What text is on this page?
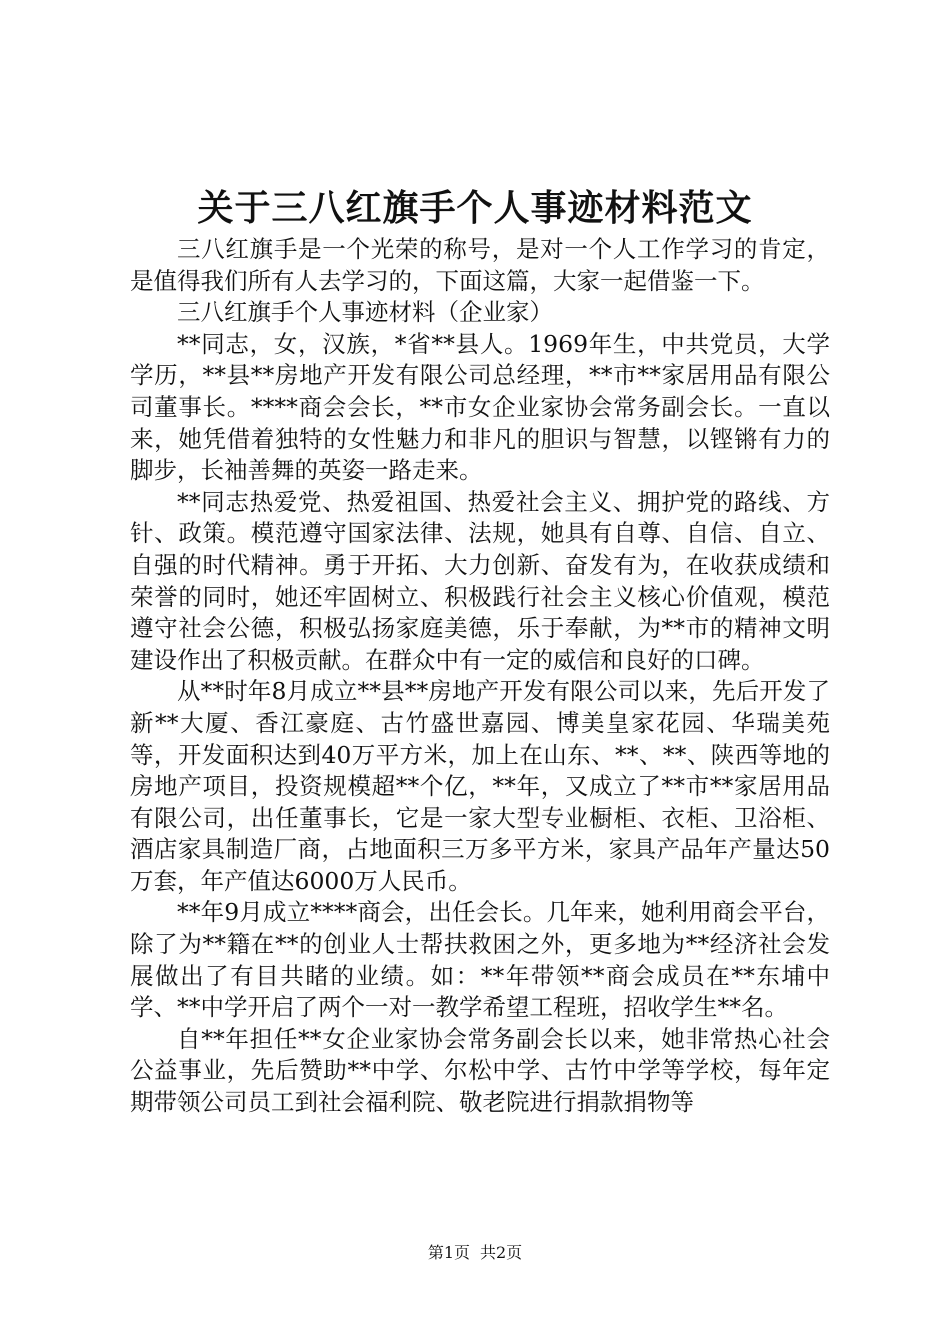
关于三八红旗手个人事迹材料范文

三八红旗手是一个光荣的称号，是对一个人工作学习的肯定，是值得我们所有人去学习的，下面这篇，大家一起借鉴一下。

三八红旗手个人事迹材料（企业家）

**同志，女，汉族，*省**县人。1969年生，中共党员，大学学历，**县**房地产开发有限公司总经理，**市**家居用品有限公司董事长。****商会会长，**市女企业家协会常务副会长。一直以来，她凭借着独特的女性魅力和非凡的胆识与智慧，以铿锵有力的脚步，长袖善舞的英姿一路走来。

**同志热爱党、热爱祖国、热爱社会主义、拥护党的路线、方针、政策。模范遵守国家法律、法规，她具有自尊、自信、自立、自强的时代精神。勇于开拓、大力创新、奋发有为，在收获成绩和荣誉的同时，她还牢固树立、积极践行社会主义核心价值观，模范遵守社会公德，积极弘扬家庭美德，乐于奉献，为**市的精神文明建设作出了积极贡献。在群众中有一定的威信和良好的口碑。

从**时年8月成立**县**房地产开发有限公司以来，先后开发了新**大厦、香江豪庭、古竹盛世嘉园、博美皇家花园、华瑞美苑等，开发面积达到40万平方米，加上在山东、**、**、陕西等地的房地产项目，投资规模超**个亿，**年，又成立了**市**家居用品有限公司，出任董事长，它是一家大型专业橱柜、衣柜、卫浴柜、酒店家具制造厂商，占地面积三万多平方米，家具产品年产量达50万套，年产值达6000万人民币。

**年9月成立****商会，出任会长。几年来，她利用商会平台，除了为**籍在**的创业人士帮扶救困之外，更多地为**经济社会发展做出了有目共睹的业绩。如：**年带领**商会成员在**东埔中学、**中学开启了两个一对一教学希望工程班，招收学生**名。

自**年担任**女企业家协会常务副会长以来，她非常热心社会公益事业，先后赞助**中学、尔松中学、古竹中学等学校，每年定期带领公司员工到社会福利院、敬老院进行捐款捐物等

第1页 共2页
